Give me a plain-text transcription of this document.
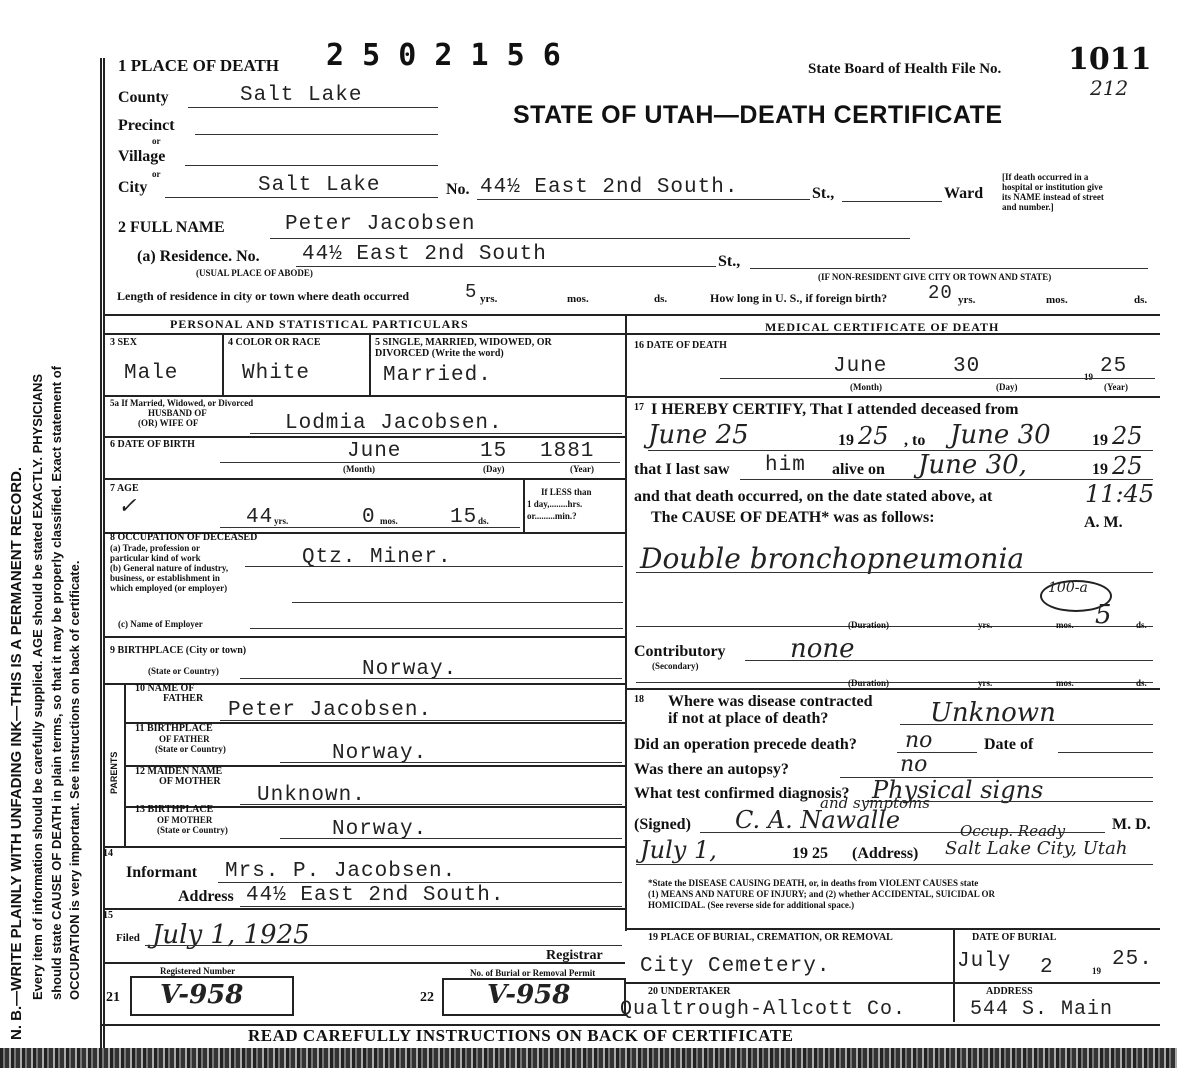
N. B.—WRITE PLAINLY WITH UNFADING INK—THIS IS A PERMANENT RECORD. Every item of information should be carefully supplied. AGE should be stated EXACTLY. PHYSICIANS should state CAUSE OF DEATH in plain terms, so that it may be properly classified. Exact statement of OCCUPATION is very important. See instructions on back of certificate.
1 PLACE OF DEATH 2 5 0 2 1 5 6	State Board of Health File No. 1011
212
STATE OF UTAH—DEATH CERTIFICATE
County	Salt Lake
Precinct
or
Village
or
City	Salt Lake	No. 44½ East 2nd South.	St.,	Ward
[If death occurred in a
hospital or institution give
its NAME instead of street
and number.]
2 FULL NAME	Peter Jacobsen
(a) Residence. No. 44½ East 2nd South
(USUAL PLACE OF ABODE)
St.,
(IF NON-RESIDENT GIVE CITY OR TOWN AND STATE)
Length of residence in city or town where death occurred	5 yrs.	mos.	ds.	How long in U. S., if foreign birth? 20 yrs.	mos.	ds.
PERSONAL AND STATISTICAL PARTICULARS	MEDICAL CERTIFICATE OF DEATH
3 SEX
Male
4 COLOR OR RACE
White
5 SINGLE, MARRIED, WIDOWED, OR
DIVORCED (Write the word)
Married.
5a If Married, Widowed, or Divorced
HUSBAND OF
(OR) WIFE OF	Lodmia Jacobsen.
6 DATE OF BIRTH	June	15 1881
(Month)	(Day)	(Year)
7 AGE
✓	44 yrs.	0 mos. 15 ds.
If LESS than
1 day,........hrs.
or.........min.?
8 OCCUPATION OF DECEASED
(a) Trade, profession or
particular kind of work
(b) General nature of industry,
business, or establishment in
which employed (or employer)
Qtz. Miner.
(c) Name of Employer
9 BIRTHPLACE (City or town)
(State or Country)	Norway.
PARENTS
10 NAME OF
FATHER
Peter Jacobsen.
11 BIRTHPLACE
OF FATHER
(State or Country)	Norway.
12 MAIDEN NAME
OF MOTHER
Unknown.
13 BIRTHPLACE
OF MOTHER
(State or Country)	Norway.
14
Informant Mrs. P. Jacobsen.
Address 44½ East 2nd South.
15
Filed July 1, 1925
Registrar
Registered Number	No. of Burial or Removal Permit
21 V-958	22 V-958
16 DATE OF DEATH
June	30	19 25
(Month)	(Day)	(Year)
17 I HEREBY CERTIFY, That I attended deceased from
June 25	19 25 , to June 30	19 25
that I last saw him alive on June 30,	19 25
and that death occurred, on the date stated above, at	11:45
The CAUSE OF DEATH* was as follows:	A. M.
Double bronchopneumonia
100-a
(Duration)	yrs.	mos. 5	ds.
Contributory
(Secondary)
none
(Duration)	yrs.	mos.	ds.
18 Where was disease contracted
if not at place of death?	Unknown
Did an operation precede death? no	Date of
Was there an autopsy?	no
What test confirmed diagnosis? Physical signs
and symptoms
(Signed) C. A. Nawalle	M. D.
Occup. Ready
July 1,	19 25 (Address) Salt Lake City, Utah
*State the DISEASE CAUSING DEATH, or, in deaths from VIOLENT CAUSES state
(1) MEANS AND NATURE OF INJURY; and (2) whether ACCIDENTAL, SUICIDAL OR
HOMICIDAL. (See reverse side for additional space.)
19 PLACE OF BURIAL, CREMATION, OR REMOVAL
City Cemetery.
DATE OF BURIAL
July 2	19 25.
20 UNDERTAKER
Qualtrough-Allcott Co.
ADDRESS
544 S. Main
READ CAREFULLY INSTRUCTIONS ON BACK OF CERTIFICATE
